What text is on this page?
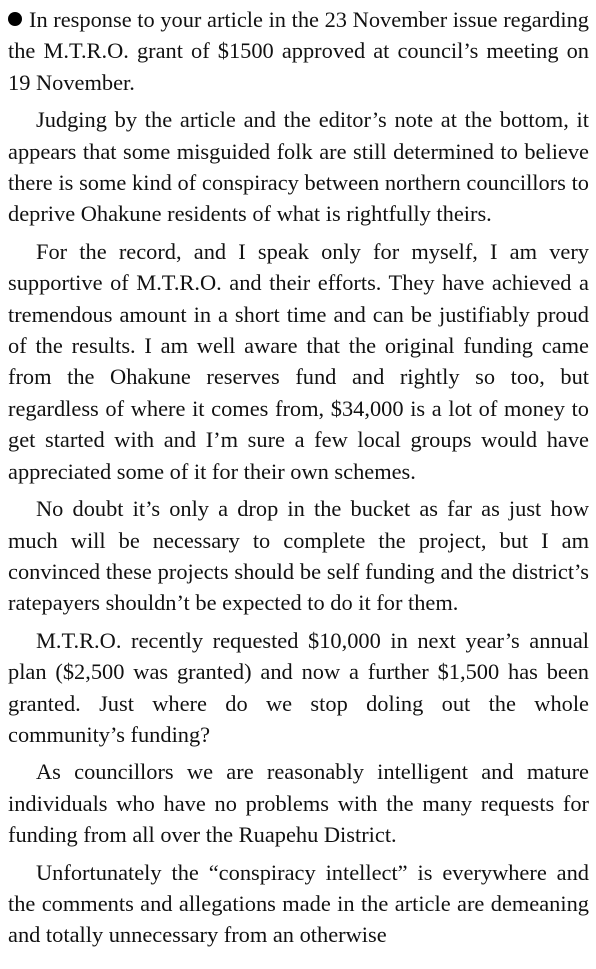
In response to your article in the 23 November issue regarding the M.T.R.O. grant of $1500 approved at council’s meeting on 19 November.

Judging by the article and the editor’s note at the bottom, it appears that some misguided folk are still determined to believe there is some kind of conspiracy between northern councillors to deprive Ohakune residents of what is rightfully theirs.

For the record, and I speak only for myself, I am very supportive of M.T.R.O. and their efforts. They have achieved a tremendous amount in a short time and can be justifiably proud of the results. I am well aware that the original funding came from the Ohakune reserves fund and rightly so too, but regardless of where it comes from, $34,000 is a lot of money to get started with and I’m sure a few local groups would have appreciated some of it for their own schemes.

No doubt it’s only a drop in the bucket as far as just how much will be necessary to complete the project, but I am convinced these projects should be self funding and the district’s ratepayers shouldn’t be expected to do it for them.

M.T.R.O. recently requested $10,000 in next year’s annual plan ($2,500 was granted) and now a further $1,500 has been granted. Just where do we stop doling out the whole community’s funding?

As councillors we are reasonably intelligent and mature individuals who have no problems with the many requests for funding from all over the Ruapehu District.

Unfortunately the “conspiracy intellect” is everywhere and the comments and allegations made in the article are demeaning and totally unnecessary from an otherwise
